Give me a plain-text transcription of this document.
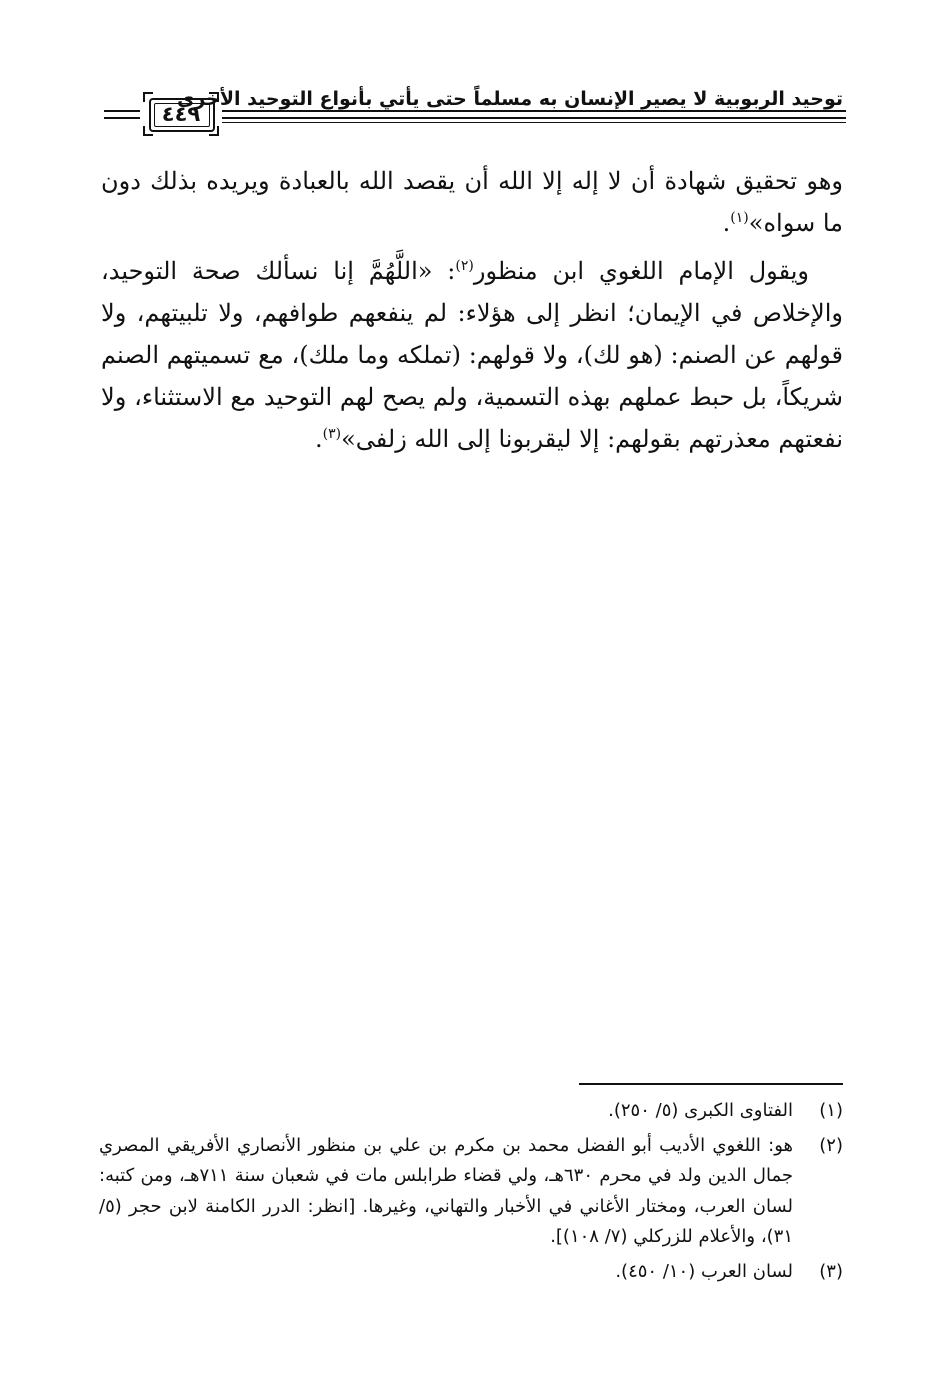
توحيد الربوبية لا يصير الإنسان به مسلماً حتى يأتي بأنواع التوحيد الأخرى
٤٤٩

وهو تحقيق شهادة أن لا إله إلا الله أن يقصد الله بالعبادة ويريده بذلك دون ما سواه»$^{(١)}$.

ويقول الإمام اللغوي ابن منظور$^{(٢)}$: «اللَّهُمَّ إنا نسألك صحة التوحيد، والإخلاص في الإيمان؛ انظر إلى هؤلاء: لم ينفعهم طوافهم، ولا تلبيتهم، ولا قولهم عن الصنم: (هو لك)، ولا قولهم: (تملكه وما ملك)، مع تسميتهم الصنم شريكاً، بل حبط عملهم بهذه التسمية، ولم يصح لهم التوحيد مع الاستثناء، ولا نفعتهم معذرتهم بقولهم: إلا ليقربونا إلى الله زلفى»$^{(٣)}$.

(١)
الفتاوى الكبرى (٥/ ٢٥٠).
(٢)
هو: اللغوي الأديب أبو الفضل محمد بن مكرم بن علي بن منظور الأنصاري الأفريقي المصري جمال الدين ولد في محرم ٦٣٠هـ، ولي قضاء طرابلس مات في شعبان سنة ٧١١هـ، ومن كتبه: لسان العرب، ومختار الأغاني في الأخبار والتهاني، وغيرها. [انظر: الدرر الكامنة لابن حجر (٥/ ٣١)، والأعلام للزركلي (٧/ ١٠٨)].
(٣)
لسان العرب (١٠/ ٤٥٠).
